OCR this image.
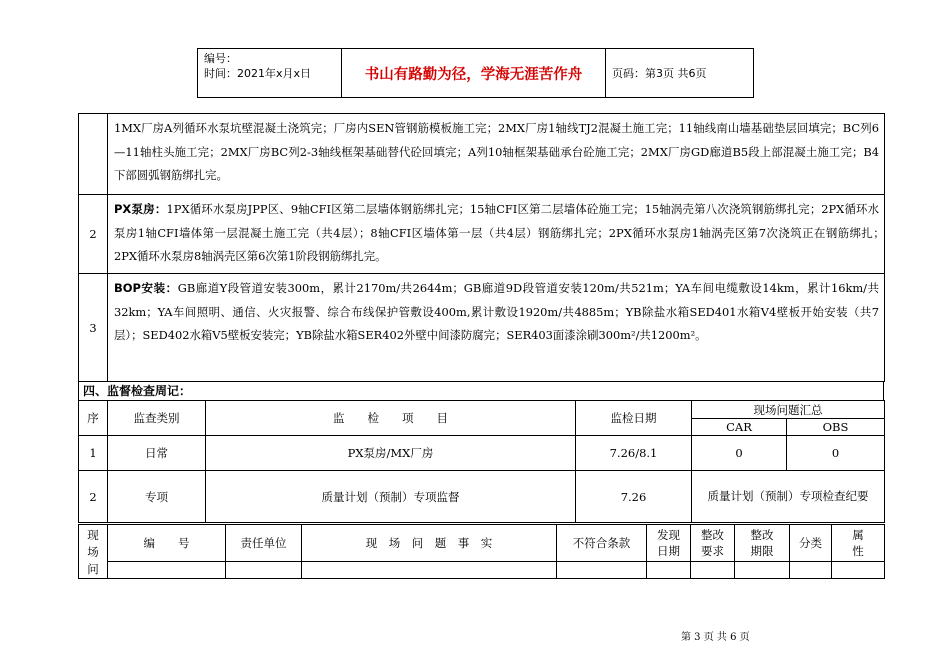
编号：
时间：2021年x月x日	书山有路勤为径，学海无涯苦作舟	页码：第3页 共6页
	1MX厂房A列循环水泵坑壁混凝土浇筑完；厂房内SEN管钢筋模板施工完；2MX厂房1轴线TJ2混凝土施工完；11轴线南山墙基础垫层回填完；BC列6—11轴柱头施工完；2MX厂房BC列2-3轴线框架基础替代砼回填完；A列10轴框架基础承台砼施工完；2MX厂房GD廊道B5段上部混凝土施工完；B4下部圆弧钢筋绑扎完。
2	PX泵房：1PX循环水泵房JPP区、9轴CFI区第二层墙体钢筋绑扎完；15轴CFI区第二层墙体砼施工完；15轴涡壳第八次浇筑钢筋绑扎完；2PX循环水泵房1轴CFI墙体第一层混凝土施工完（共4层）；8轴CFI区墙体第一层（共4层）钢筋绑扎完；2PX循环水泵房1轴涡壳区第7次浇筑正在钢筋绑扎；　2PX循环水泵房8轴涡壳区第6次第1阶段钢筋绑扎完。
3	BOP安装：GB廊道Y段管道安装300m，累计2170m/共2644m；GB廊道9D段管道安装120m/共521m；YA车间电缆敷设14km，累计16km/共32km；YA车间照明、通信、火灾报警、综合布线保护管敷设400m,累计敷设1920m/共4885m；YB除盐水箱SED401水箱V4壁板开始安装（共7层）；SED402水箱V5壁板安装完；YB除盐水箱SER402外壁中间漆防腐完；SER403面漆涂刷300m²/共1200m²。
四、监督检查周记：
序	监查类别	监　　检　　项　　目	监检日期	现场问题汇总	
				CAR	OBS
1	日常	PX泵房/MX厂房	7.26/8.1	0	0
2	专项	质量计划（预制）专项监督	7.26	质量计划（预制）专项检查纪要	
现场问	编　　号	责任单位	现　场　问　题　事　实	不符合条款	发现日期	整改要求	整改期限	分类	属性

第 3 页 共 6 页
